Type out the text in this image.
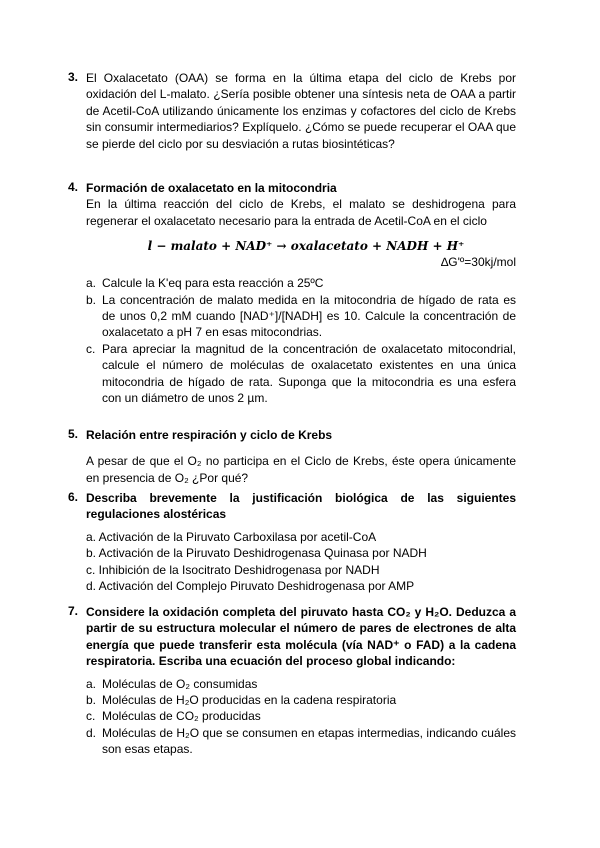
3. El Oxalacetato (OAA) se forma en la última etapa del ciclo de Krebs por oxidación del L-malato. ¿Sería posible obtener una síntesis neta de OAA a partir de Acetil-CoA utilizando únicamente los enzimas y cofactores del ciclo de Krebs sin consumir intermediarios? Explíquelo. ¿Cómo se puede recuperar el OAA que se pierde del ciclo por su desviación a rutas biosintéticas?

4. Formación de oxalacetato en la mitocondria

En la última reacción del ciclo de Krebs, el malato se deshidrogena para regenerar el oxalacetato necesario para la entrada de Acetil-CoA en el ciclo

l − malato + NAD⁺ → oxalacetato + NADH + H⁺
∆G'º=30kj/mol
a. Calcule la K'eq para esta reacción a 25ºC
b. La concentración de malato medida en la mitocondria de hígado de rata es de unos 0,2 mM cuando [NAD⁺]/[NADH] es 10. Calcule la concentración de oxalacetato a pH 7 en esas mitocondrias.
c. Para apreciar la magnitud de la concentración de oxalacetato mitocondrial, calcule el número de moléculas de oxalacetato existentes en una única mitocondria de hígado de rata. Suponga que la mitocondria es una esfera con un diámetro de unos 2 µm.
5. Relación entre respiración y ciclo de Krebs

A pesar de que el O₂ no participa en el Ciclo de Krebs, éste opera únicamente en presencia de O₂ ¿Por qué?

6. Describa brevemente la justificación biológica de las siguientes regulaciones alostéricas

a. Activación de la Piruvato Carboxilasa por acetil-CoA

b. Activación de la Piruvato Deshidrogenasa Quinasa por NADH

c. Inhibición de la Isocitrato Deshidrogenasa por NADH

d. Activación del Complejo Piruvato Deshidrogenasa por AMP

7. Considere la oxidación completa del piruvato hasta CO₂ y H₂O. Deduzca a partir de su estructura molecular el número de pares de electrones de alta energía que puede transferir esta molécula (vía NAD⁺ o FAD) a la cadena respiratoria. Escriba una ecuación del proceso global indicando:

a. Moléculas de O₂ consumidas
b. Moléculas de H₂O producidas en la cadena respiratoria
c. Moléculas de CO₂ producidas
d. Moléculas de H₂O que se consumen en etapas intermedias, indicando cuáles son esas etapas.
